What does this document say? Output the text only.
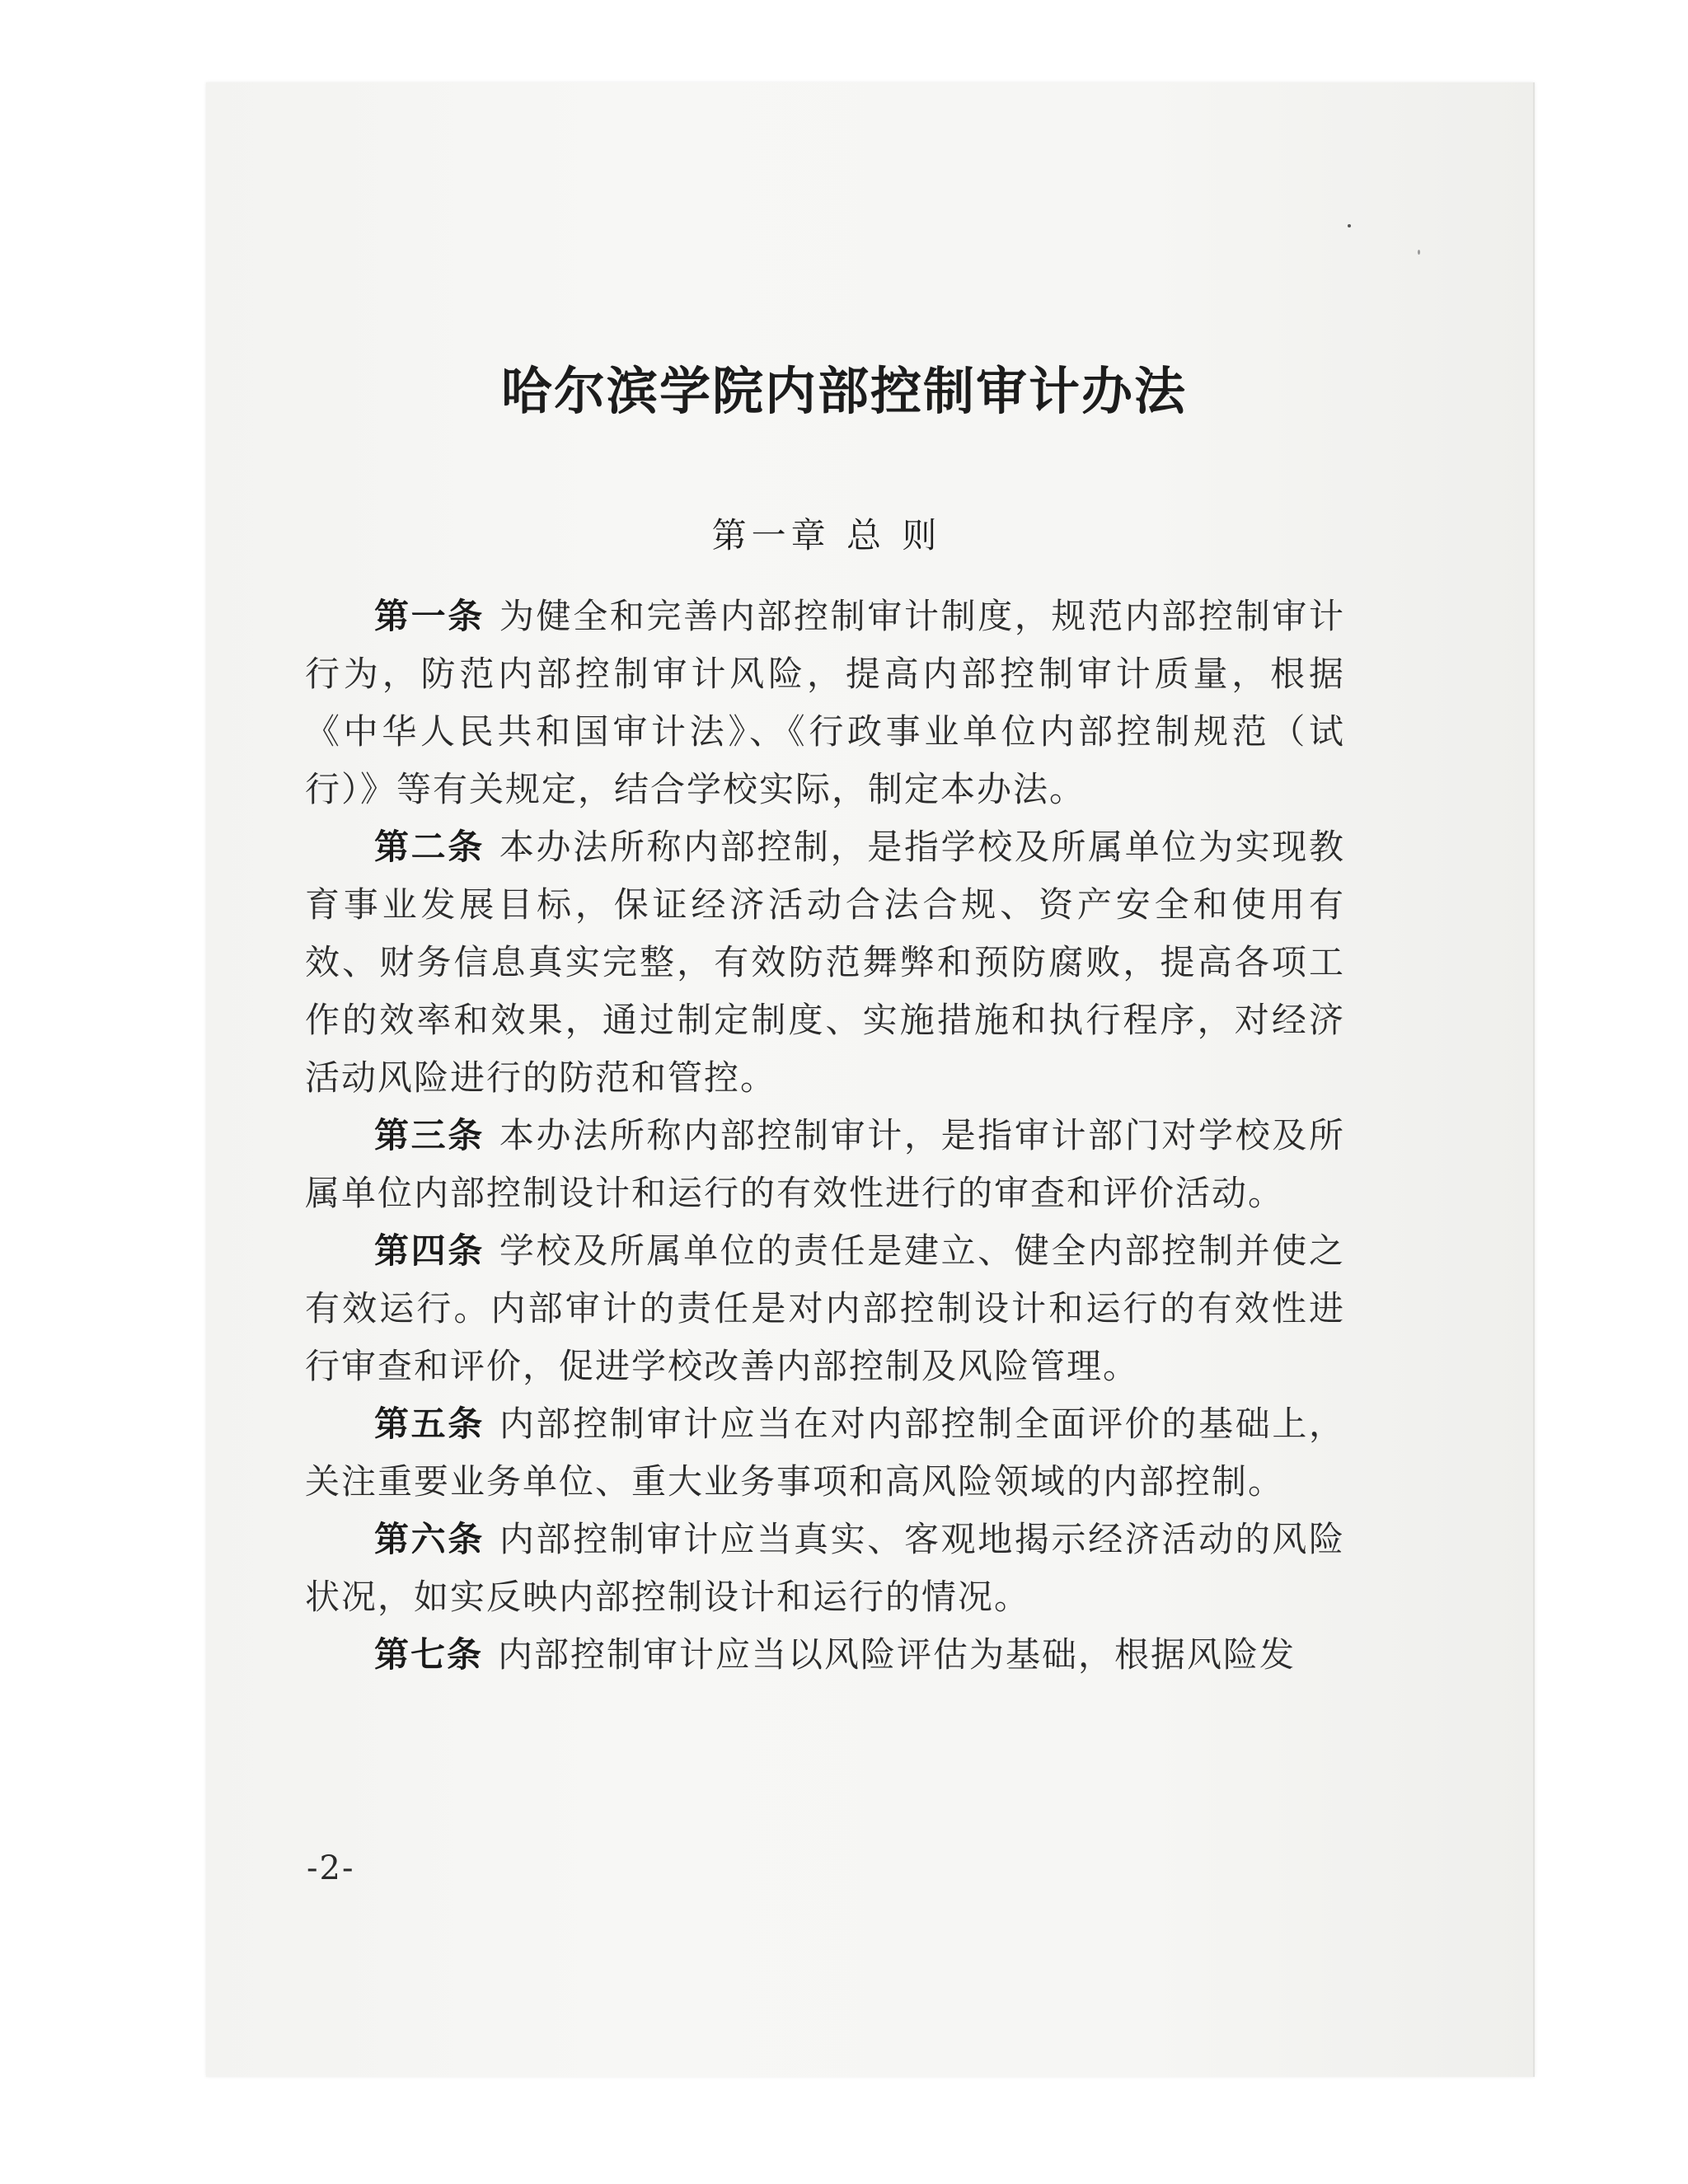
哈尔滨学院内部控制审计办法
第一章 总 则

第一条 为健全和完善内部控制审计制度，规范内部控制审计行为，防范内部控制审计风险，提高内部控制审计质量，根据《中华人民共和国审计法》、《行政事业单位内部控制规范（试行）》等有关规定，结合学校实际，制定本办法。

第二条 本办法所称内部控制，是指学校及所属单位为实现教育事业发展目标，保证经济活动合法合规、资产安全和使用有效、财务信息真实完整，有效防范舞弊和预防腐败，提高各项工作的效率和效果，通过制定制度、实施措施和执行程序，对经济活动风险进行的防范和管控。

第三条 本办法所称内部控制审计，是指审计部门对学校及所属单位内部控制设计和运行的有效性进行的审查和评价活动。

第四条 学校及所属单位的责任是建立、健全内部控制并使之有效运行。内部审计的责任是对内部控制设计和运行的有效性进行审查和评价，促进学校改善内部控制及风险管理。

第五条 内部控制审计应当在对内部控制全面评价的基础上，关注重要业务单位、重大业务事项和高风险领域的内部控制。

第六条 内部控制审计应当真实、客观地揭示经济活动的风险状况，如实反映内部控制设计和运行的情况。

第七条 内部控制审计应当以风险评估为基础，根据风险发

-2-
